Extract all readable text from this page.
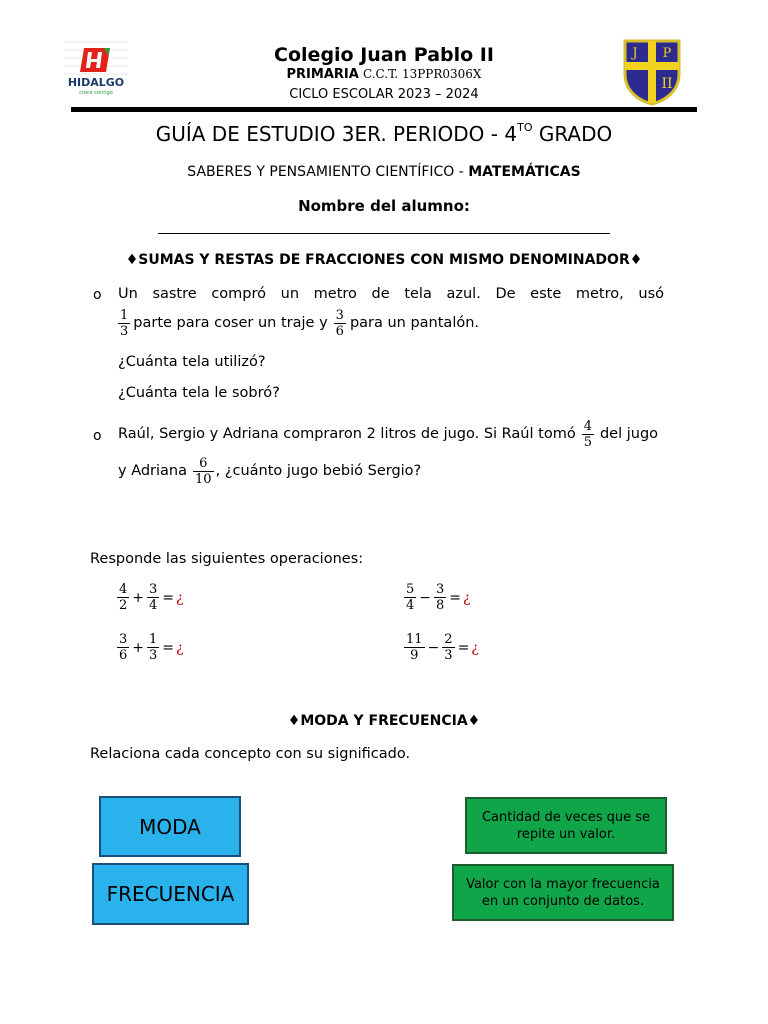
HIDALGO
crece contigo
J P
II
Colegio Juan Pablo II
PRIMARIA C.C.T. 13PPR0306X
CICLO ESCOLAR 2023 – 2024
GUÍA DE ESTUDIO 3ER. PERIODO - $4^{TO}$ GRADO
SABERES Y PENSAMIENTO CIENTÍFICO - MATEMÁTICAS
Nombre del alumno:
♦SUMAS Y RESTAS DE FRACCIONES CON MISMO DENOMINADOR♦
o Un sastre compró un metro de tela azul. De este metro, usó
$\frac{1}{3}$ parte para coser un traje y $\frac{3}{6}$ para un pantalón.
¿Cuánta tela utilizó?
¿Cuánta tela le sobró?
o Raúl, Sergio y Adriana compraron 2 litros de jugo. Si Raúl tomó $\frac{4}{5}$ del jugo
y Adriana $\frac{6}{10}$ , ¿cuánto jugo bebió Sergio?
Responde las siguientes operaciones:
$\frac{4}{2} + \frac{3}{4}$ = ¿	$\frac{5}{4} - \frac{3}{8}$ = ¿
$\frac{3}{6} + \frac{1}{3}$ = ¿	$\frac{11}{9} - \frac{2}{3}$ = ¿
♦MODA Y FRECUENCIA♦
Relaciona cada concepto con su significado.
MODA
FRECUENCIA
Cantidad de veces que se repite un valor.
Valor con la mayor frecuencia en un conjunto de datos.
